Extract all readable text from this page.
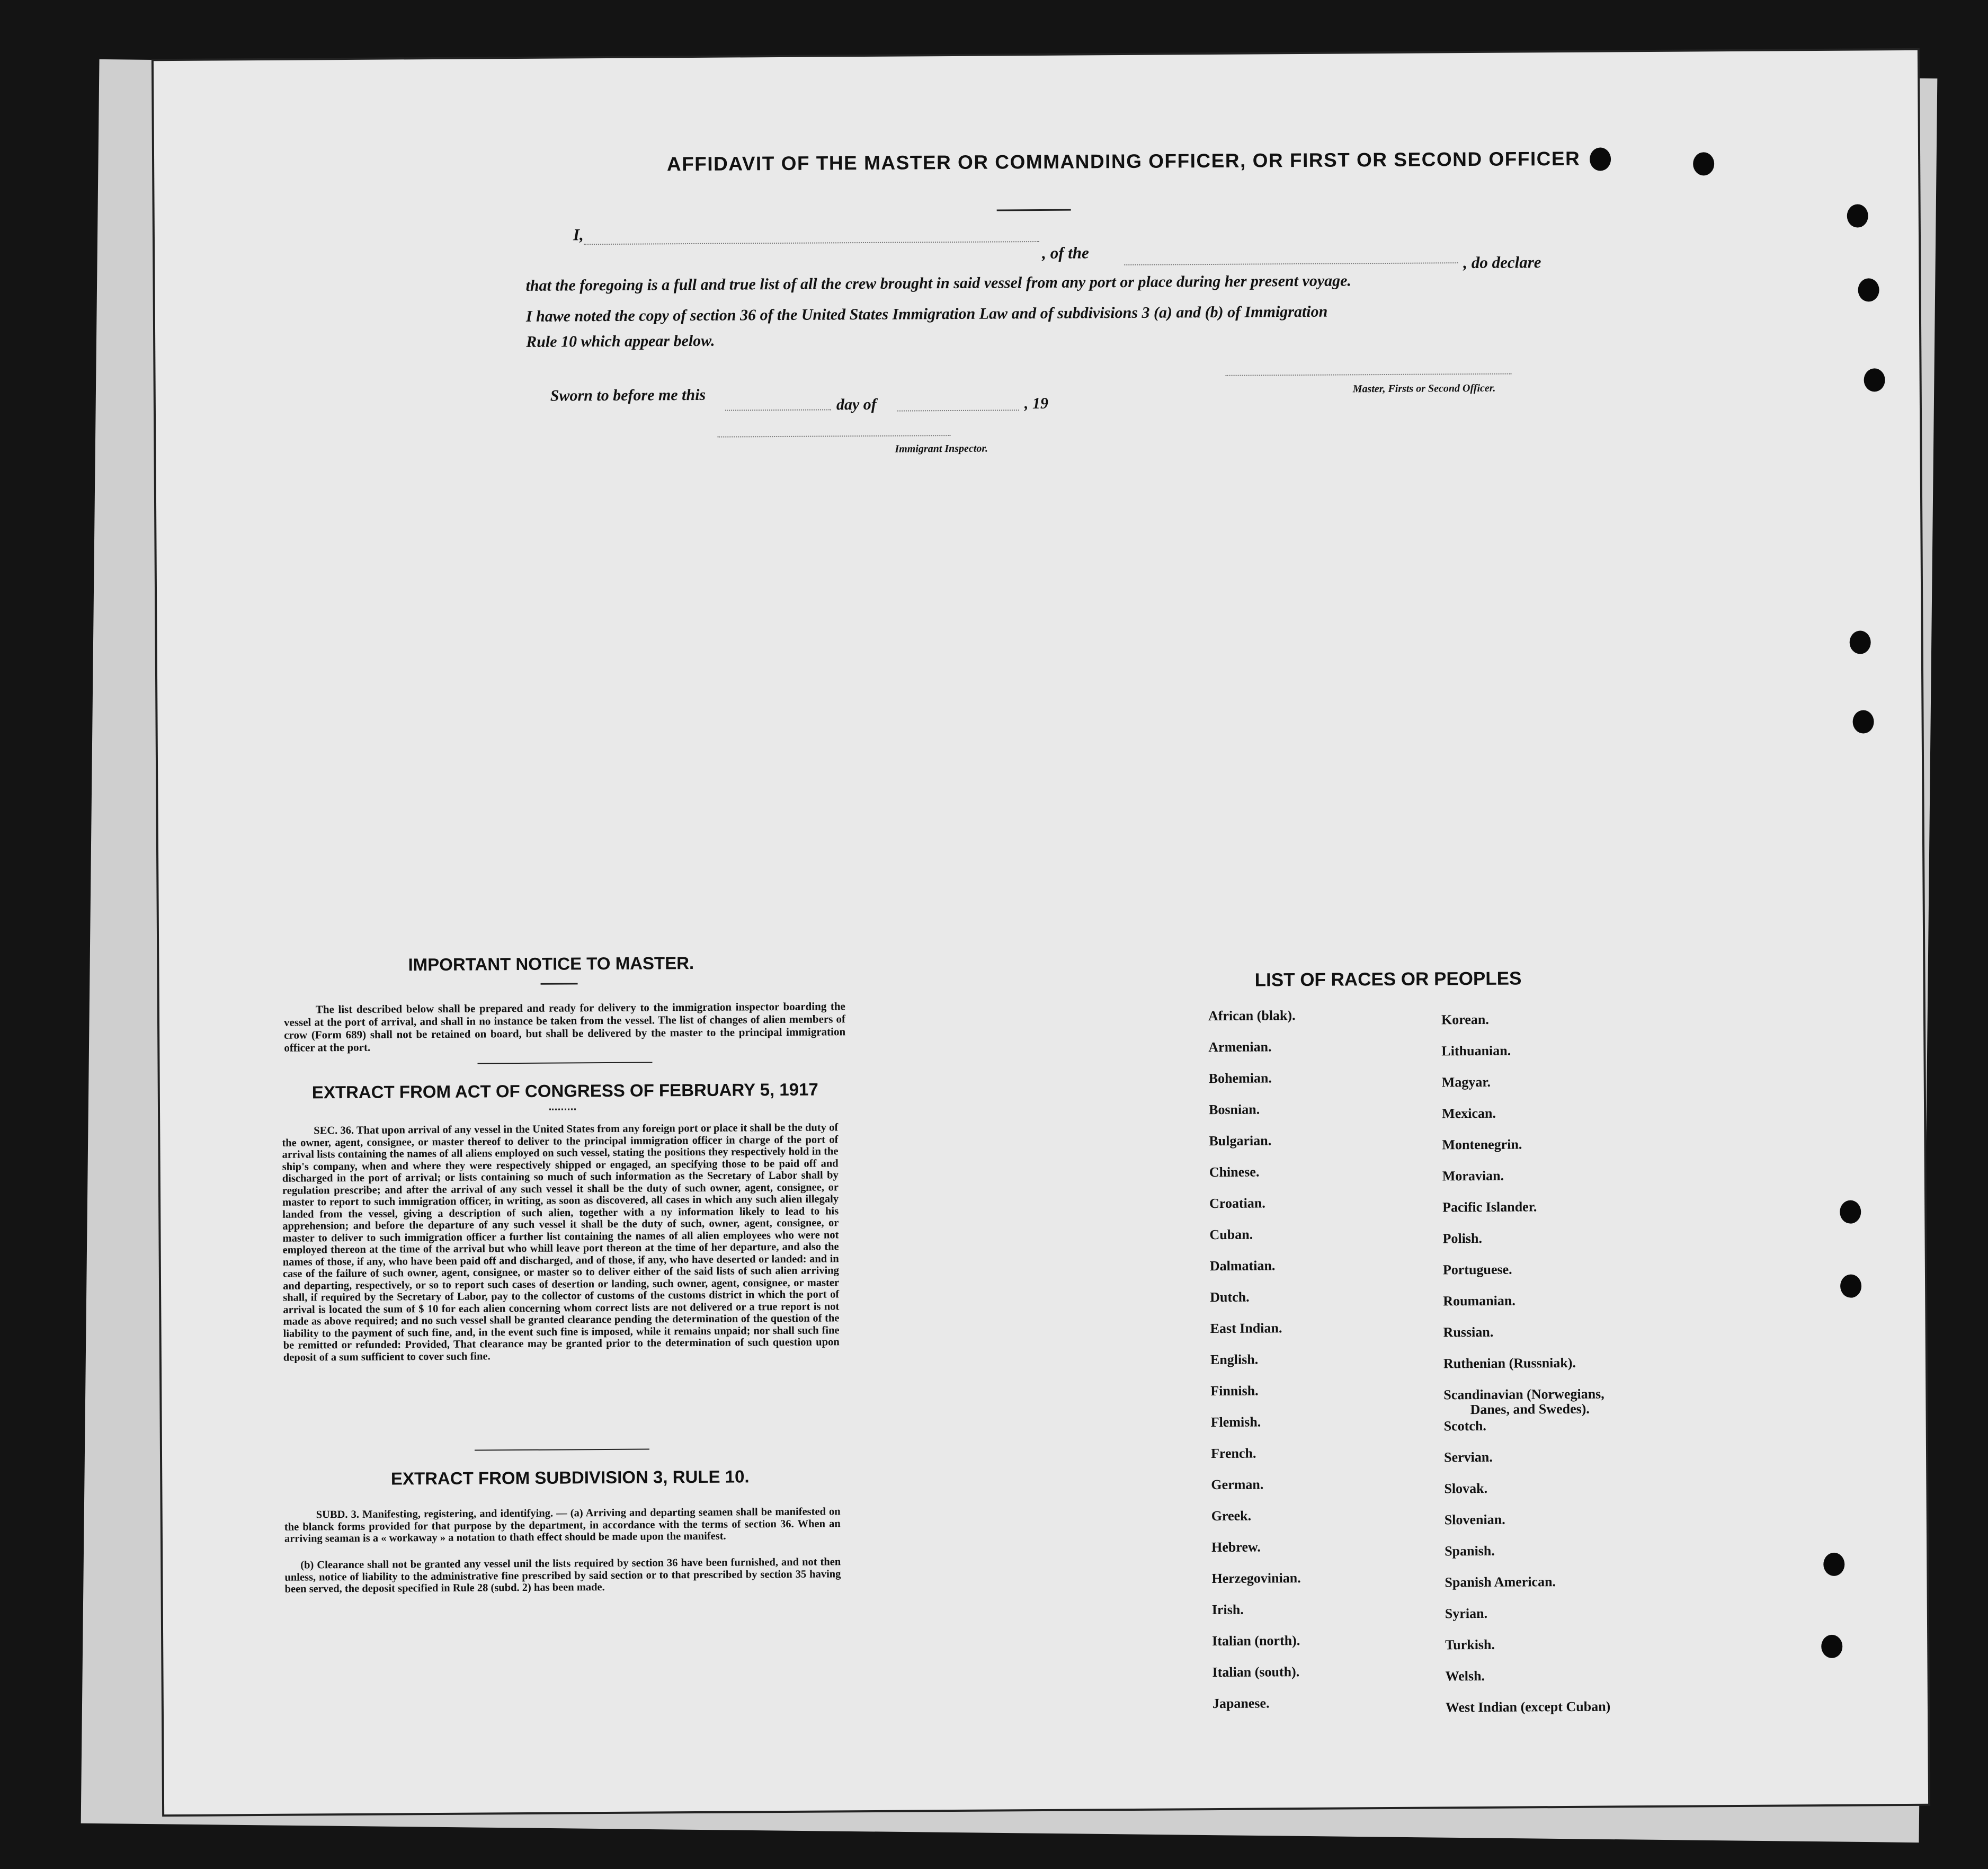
AFFIDAVIT OF THE MASTER OR COMMANDING OFFICER, OR FIRST OR SECOND OFFICER
I,
, of the
, do declare
that the foregoing is a full and true list of all the crew brought in said vessel from any port or place during her present voyage.
I hawe noted the copy of section 36 of the United States Immigration Law and of subdivisions 3 (a) and (b) of Immigration
Rule 10 which appear below.
Master, Firsts or Second Officer.
Sworn to before me this	day of	, 19
Immigrant Inspector.
IMPORTANT NOTICE TO MASTER.
The list described below shall be prepared and ready for delivery to the immigration inspector boarding the vessel at the port of arrival, and shall in no instance be taken from the vessel. The list of changes of alien members of crow (Form 689) shall not be retained on board, but shall be delivered by the master to the principal immigration officer at the port.
EXTRACT FROM ACT OF CONGRESS OF FEBRUARY 5, 1917
SEC. 36. That upon arrival of any vessel in the United States from any foreign port or place it shall be the duty of the owner, agent, consignee, or master thereof to deliver to the principal immigration officer in charge of the port of arrival lists containing the names of all aliens employed on such vessel, stating the positions they respectively hold in the ship's company, when and where they were respectively shipped or engaged, an specifying those to be paid off and discharged in the port of arrival; or lists containing so much of such information as the Secretary of Labor shall by regulation prescribe; and after the arrival of any such vessel it shall be the duty of such owner, agent, consignee, or master to report to such immigration officer, in writing, as soon as discovered, all cases in which any such alien illegaly landed from the vessel, giving a description of such alien, together with a ny information likely to lead to his apprehension; and before the departure of any such vessel it shall be the duty of such, owner, agent, consignee, or master to deliver to such immigration officer a further list containing the names of all alien employees who were not employed thereon at the time of the arrival but who whill leave port thereon at the time of her departure, and also the names of those, if any, who have been paid off and discharged, and of those, if any, who have deserted or landed: and in case of the failure of such owner, agent, consignee, or master so to deliver either of the said lists of such alien arriving and departing, respectively, or so to report such cases of desertion or landing, such owner, agent, consignee, or master shall, if required by the Secretary of Labor, pay to the collector of customs of the customs district in which the port of arrival is located the sum of $ 10 for each alien concerning whom correct lists are not delivered or a true report is not made as above required; and no such vessel shall be granted clearance pending the determination of the question of the liability to the payment of such fine, and, in the event such fine is imposed, while it remains unpaid; nor shall such fine be remitted or refunded: Provided, That clearance may be granted prior to the determination of such question upon deposit of a sum sufficient to cover such fine.
EXTRACT FROM SUBDIVISION 3, RULE 10.
SUBD. 3. Manifesting, registering, and identifying. — (a) Arriving and departing seamen shall be manifested on the blanck forms provided for that purpose by the department, in accordance with the terms of section 36. When an arriving seaman is a « workaway » a notation to thath effect should be made upon the manifest.
(b) Clearance shall not be granted any vessel unil the lists required by section 36 have been furnished, and not then unless, notice of liability to the administrative fine prescribed by said section or to that prescribed by section 35 having been served, the deposit specified in Rule 28 (subd. 2) has been made.
LIST OF RACES OR PEOPLES
African (blak).
Armenian.
Bohemian.
Bosnian.
Bulgarian.
Chinese.
Croatian.
Cuban.
Dalmatian.
Dutch.
East Indian.
English.
Finnish.
Flemish.
French.
German.
Greek.
Hebrew.
Herzegovinian.
Irish.
Italian (north).
Italian (south).
Japanese.
Korean.
Lithuanian.
Magyar.
Mexican.
Montenegrin.
Moravian.
Pacific Islander.
Polish.
Portuguese.
Roumanian.
Russian.
Ruthenian (Russniak).
Scandinavian (Norwegians,
Danes, and Swedes).
Scotch.
Servian.
Slovak.
Slovenian.
Spanish.
Spanish American.
Syrian.
Turkish.
Welsh.
West Indian (except Cuban)
